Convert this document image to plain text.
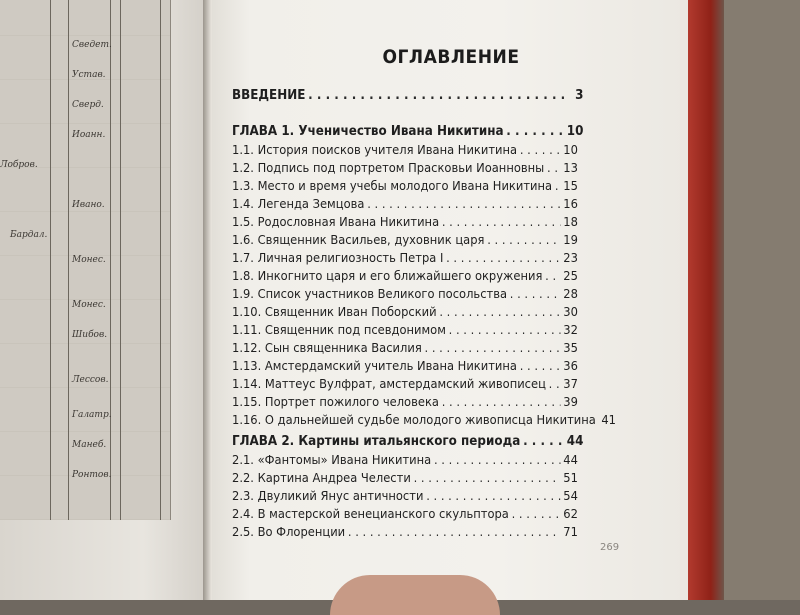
Сведет.
Устав.
Сверд.
Иоанн.
Лобров.
Ивано.
Бардал.
Монес.
Монес.
Шибов.
Лессов.
Галатр.
Манеб.
Ронтов.
ОГЛАВЛЕНИЕ
ВВЕДЕНИЕ . . .	3
ГЛАВА 1. Ученичество Ивана Никитина . . .	10
1.1. История поисков учителя Ивана Никитина . . .	10
1.2. Подпись под портретом Прасковьи Иоанновны . . . 13
1.3. Место и время учебы молодого Ивана Никитина . . . 15
1.4. Легенда Земцова . . .	16
1.5. Родословная Ивана Никитина . . .	18
1.6. Священник Васильев, духовник царя . . .	19
1.7. Личная религиозность Петра I . . .	23
1.8. Инкогнито царя и его ближайшего окружения . . . 25
1.9. Список участников Великого посольства . . .	28
1.10. Священник Иван Поборский . . .	30
1.11. Священник под псевдонимом . . .	32
1.12. Сын священника Василия . . .	35
1.13. Амстердамский учитель Ивана Никитина . . .	36
1.14. Маттеус Вулфрат, амстердамский живописец . . . 37
1.15. Портрет пожилого человека . . .	39
1.16. О дальнейшей судьбе молодого живописца Никитина 41
ГЛАВА 2. Картины итальянского периода . . .	44
2.1. «Фантомы» Ивана Никитина . . .	44
2.2. Картина Андреа Челести . . .	51
2.3. Двуликий Янус античности . . .	54
2.4. В мастерской венецианского скульптора . . .	62
2.5. Во Флоренции . . .	71
269
